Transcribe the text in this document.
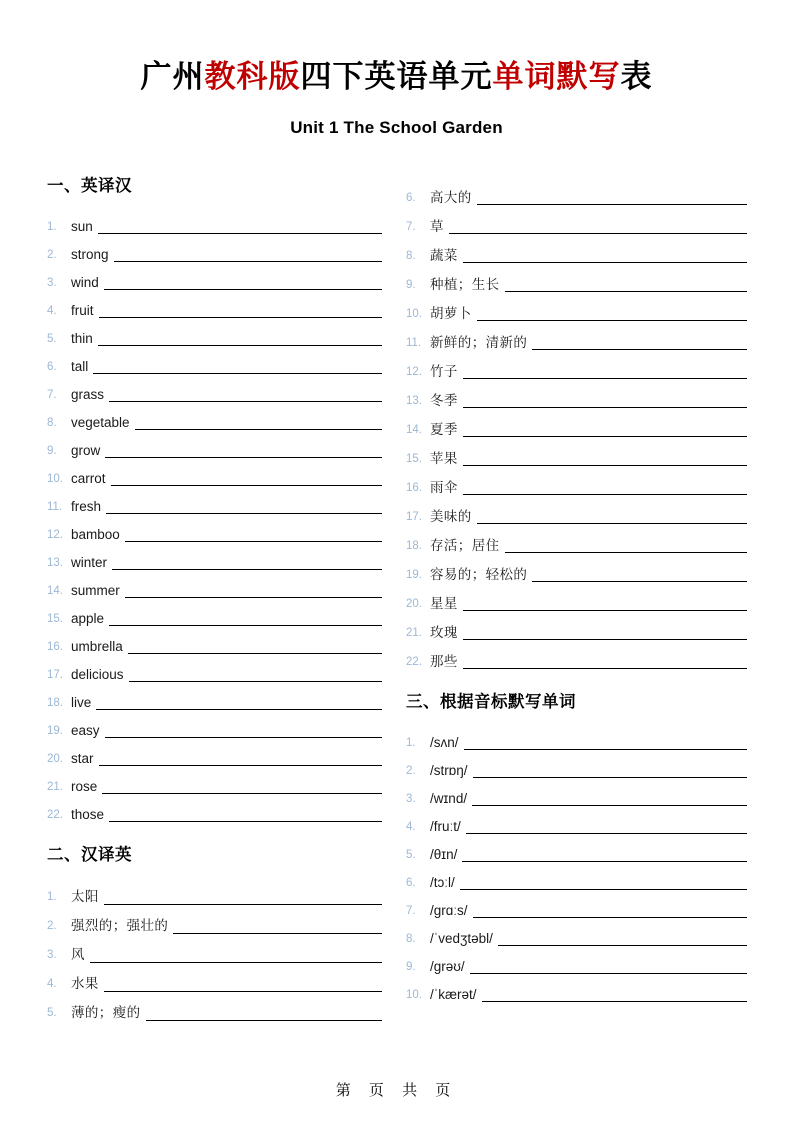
广州教科版四下英语单元单词默写表
Unit 1 The School Garden
一、英译汉
1.	sun
2.	strong
3.	wind
4.	fruit
5.	thin
6.	tall
7.	grass
8.	vegetable
9.	grow
10. carrot
11. fresh
12. bamboo
13. winter
14. summer
15. apple
16. umbrella
17. delicious
18. live
19. easy
20. star
21. rose
22. those
二、汉译英
1.	太阳
2.	强烈的；强壮的
3.	风
4.	水果
5.	薄的；瘦的
6.	高大的
7.	草
8.	蔬菜
9.	种植；生长
10. 胡萝卜
11. 新鲜的；清新的
12. 竹子
13. 冬季
14. 夏季
15. 苹果
16. 雨伞
17. 美味的
18. 存活；居住
19. 容易的；轻松的
20. 星星
21. 玫瑰
22. 那些
三、根据音标默写单词
1.	/sʌn/
2.	/strɒŋ/
3.	/wɪnd/
4.	/fruːt/
5.	/θɪn/
6.	/tɔːl/
7.	/grɑːs/
8.	/ˈvedʒtəbl/
9.	/grəʊ/
10. /ˈkærət/
第 页 共 页
